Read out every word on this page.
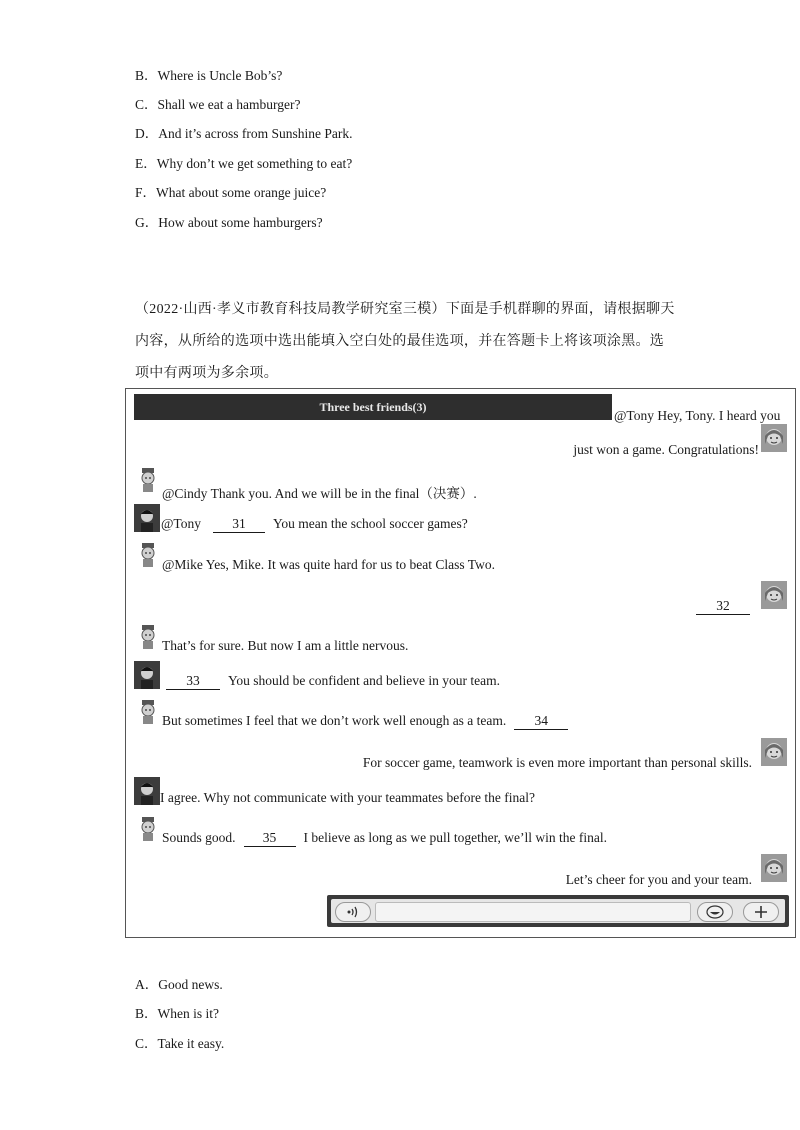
B．Where is Uncle Bob’s?
C．Shall we eat a hamburger?
D．And it’s across from Sunshine Park.
E．Why don’t we get something to eat?
F．What about some orange juice?
G．How about some hamburgers?
（2022·山西·孝义市教育科技局教学研究室三模）下面是手机群聊的界面，请根据聊天
内容，从所给的选项中选出能填入空白处的最佳选项，并在答题卡上将该项涂黑。选
项中有两项为多余项。
Three best friends(3)
@Tony Hey, Tony. I heard you
just won a game. Congratulations!
@Cindy Thank you. And we will be in the final（决赛）.
@Tony 31 You mean the school soccer games?
@Mike Yes, Mike. It was quite hard for us to beat Class Two.
32
That’s for sure. But now I am a little nervous.
33 You should be confident and believe in your team.
But sometimes I feel that we don’t work well enough as a team. 34
For soccer game, teamwork is even more important than personal skills.
I agree. Why not communicate with your teammates before the final?
Sounds good. 35 I believe as long as we pull together, we’ll win the final.
Let’s cheer for you and your team.
A．Good news.
B．When is it?
C．Take it easy.
